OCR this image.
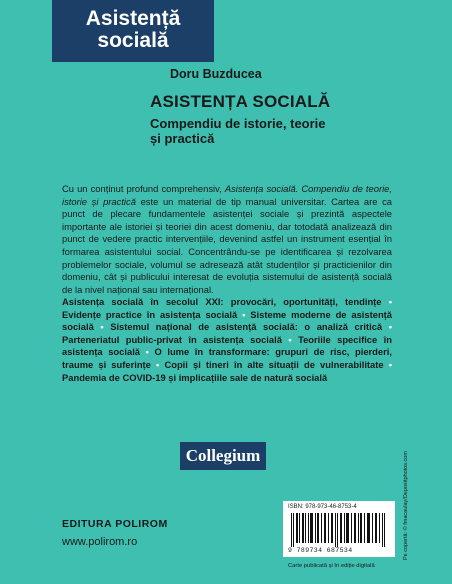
Asistență
socială
Doru Buzducea
ASISTENȚA SOCIALĂ
Compendiu de istorie, teorie
și practică
Cu un conținut profund comprehensiv, Asistența socială. Compendiu de teorie, istorie și practică este un material de tip manual universitar. Cartea are ca punct de plecare fundamentele asistenței sociale și prezintă aspectele importante ale istoriei și teoriei din acest domeniu, dar totodată analizează din punct de vedere practic intervențiile, devenind astfel un instrument esențial în formarea asistentului social. Concentrându-se pe identificarea și rezolvarea problemelor sociale, volumul se adresează atât studenților și practicienilor din domeniu, cât și publicului interesat de evoluția sistemului de asistență socială de la nivel național sau internațional.
Asistența socială în secolul XXI: provocări, oportunități, tendințe • Evidențe practice în asistența socială • Sisteme moderne de asistență socială • Sistemul național de asistență socială: o analiză critică • Parteneriatul public-privat în asistența socială • Teoriile specifice în asistența socială • O lume în transformare: grupuri de risc, pierderi, traume și suferințe • Copii și tineri în alte situații de vulnerabilitate • Pandemia de COVID-19 și implicațiile sale de natură socială
Collegium
EDITURA POLIROM
www.polirom.ro
ISBN: 978-973-46-8753-4
9 789734 687534
Carte publicată și în ediție digitală
Pe copertă: © fmacaulay/Depositphotos.com
